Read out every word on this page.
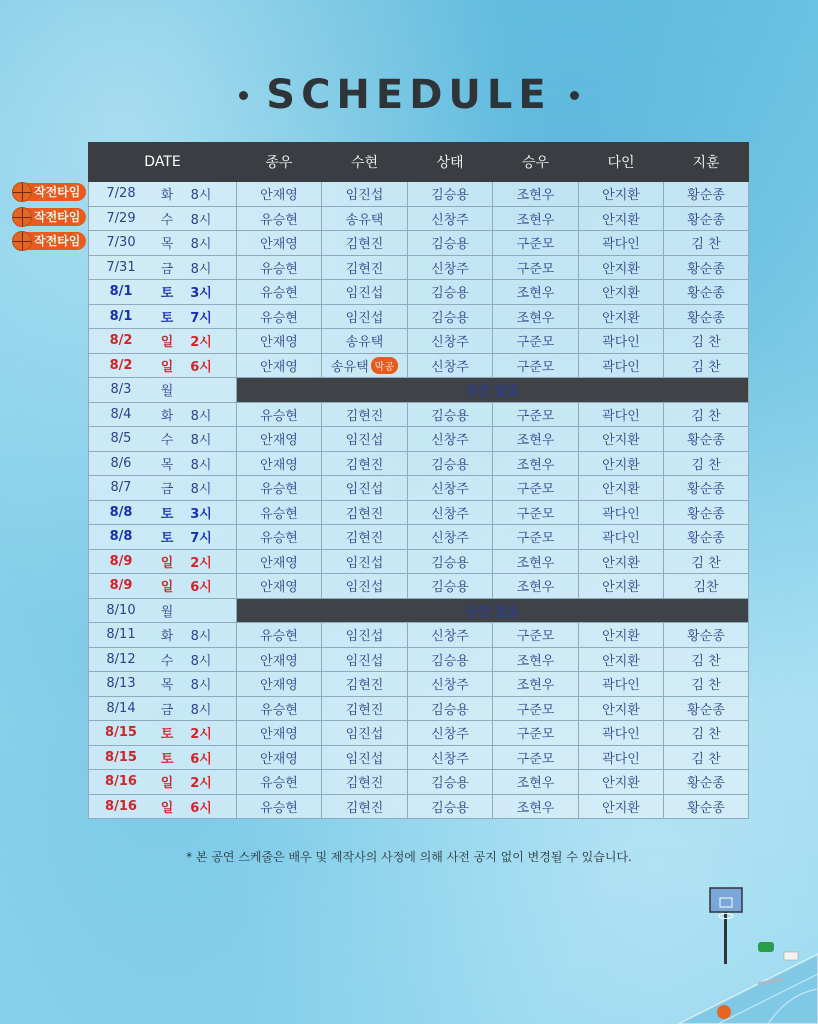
SCHEDULE
DATE	종우	수현	상태	승우	다인	지훈

7/28 화 8시	안재영	임진섭	김승용	조현우	안지환	황순종

7/29 수 8시	유승현	송유택	신창주	조현우	안지환	황순종

7/30 목 8시	안재영	김현진	김승용	구준모	곽다인	김 찬

7/31 금 8시	유승현	김현진	신창주	구준모	안지환	황순종

8/1 토 3시	유승현	임진섭	김승용	조현우	안지환	황순종

8/1 토 7시	유승현	임진섭	김승용	조현우	안지환	황순종

8/2 일 2시	안재영	송유택	신창주	구준모	곽다인	김 찬

8/2 일 6시	안재영	송유택 막공	신창주	구준모	곽다인	김 찬

8/3 월	공연 없음					

8/4 화 8시	유승현	김현진	김승용	구준모	곽다인	김 찬

8/5 수 8시	안재영	임진섭	신창주	조현우	안지환	황순종

8/6 목 8시	안재영	김현진	김승용	조현우	안지환	김 찬

8/7 금 8시	유승현	임진섭	신창주	구준모	안지환	황순종

8/8 토 3시	유승현	김현진	신창주	구준모	곽다인	황순종

8/8 토 7시	유승현	김현진	신창주	구준모	곽다인	황순종

8/9 일 2시	안재영	임진섭	김승용	조현우	안지환	김 찬

8/9 일 6시	안재영	임진섭	김승용	조현우	안지환	김찬

8/10 월	공연 없음					

8/11 화 8시	유승현	임진섭	신창주	구준모	안지환	황순종

8/12 수 8시	안재영	임진섭	김승용	조현우	안지환	김 찬

8/13 목 8시	안재영	김현진	신창주	조현우	곽다인	김 찬

8/14 금 8시	유승현	김현진	김승용	구준모	안지환	황순종

8/15 토 2시	안재영	임진섭	신창주	구준모	곽다인	김 찬

8/15 토 6시	안재영	임진섭	신창주	구준모	곽다인	김 찬

8/16 일 2시	유승현	김현진	김승용	조현우	안지환	황순종

8/16 일 6시	유승현	김현진	김승용	조현우	안지환	황순종
작전타임
작전타임
작전타임
* 본 공연 스케줄은 배우 및 제작사의 사정에 의해 사전 공지 없이 변경될 수 있습니다.
